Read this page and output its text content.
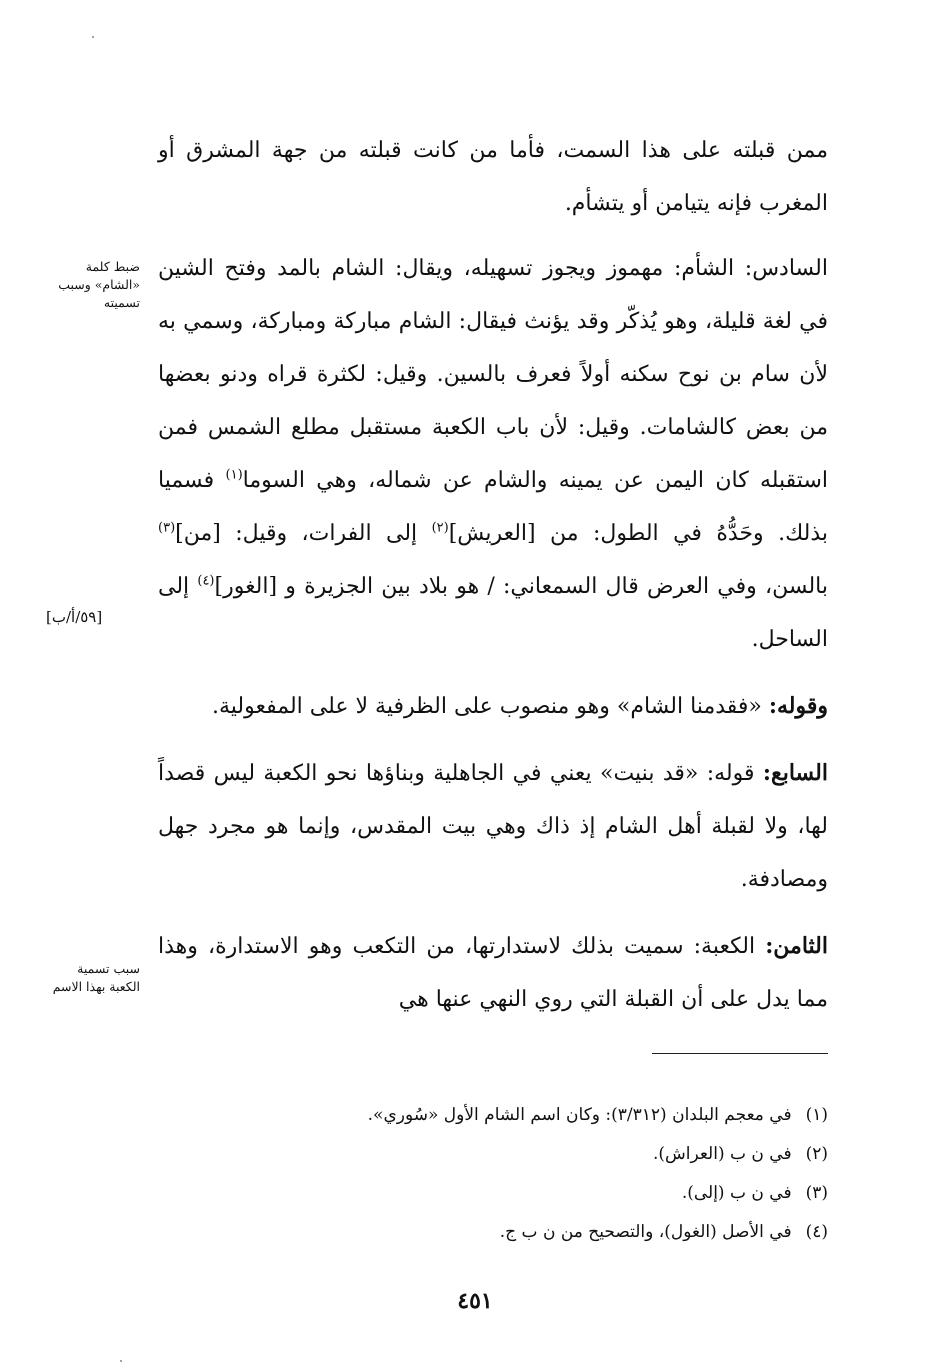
ممن قبلته على هذا السمت، فأما من كانت قبلته من جهة المشرق أو المغرب فإنه يتيامن أو يتشأم.

السادس: الشأم: مهموز ويجوز تسهيله، ويقال: الشام بالمد وفتح الشين في لغة قليلة، وهو يُذكّر وقد يؤنث فيقال: الشام مباركة ومباركة، وسمي به لأن سام بن نوح سكنه أولاً فعرف بالسين. وقيل: لكثرة قراه ودنو بعضها من بعض كالشامات. وقيل: لأن باب الكعبة مستقبل مطلع الشمس فمن استقبله كان اليمن عن يمينه والشام عن شماله، وهي السوما$^{(١)}$ فسميا بذلك. وحَدُّهُ في الطول: من [العريش]$^{(٢)}$ إلى الفرات، وقيل: [من]$^{(٣)}$ بالسن، وفي العرض قال السمعاني: / هو بلاد بين الجزيرة و [الغور]$^{(٤)}$ إلى الساحل.

وقوله: «فقدمنا الشام» وهو منصوب على الظرفية لا على المفعولية.

السابع: قوله: «قد بنيت» يعني في الجاهلية وبناؤها نحو الكعبة ليس قصداً لها، ولا لقبلة أهل الشام إذ ذاك وهي بيت المقدس، وإنما هو مجرد جهل ومصادفة.

الثامن: الكعبة: سميت بذلك لاستدارتها، من التكعب وهو الاستدارة، وهذا مما يدل على أن القبلة التي روي النهي عنها هي

ضبط كلمة «الشام» وسبب تسميته
[٥٩/أ/ب]
سبب تسمية الكعبة بهذا الاسم

(١)في معجم البلدان (٣/٣١٢): وكان اسم الشام الأول «سُوري».

(٢)في ن ب (العراش).

(٣)في ن ب (إلى).

(٤)في الأصل (الغول)، والتصحيح من ن ب ج.

٤٥١
